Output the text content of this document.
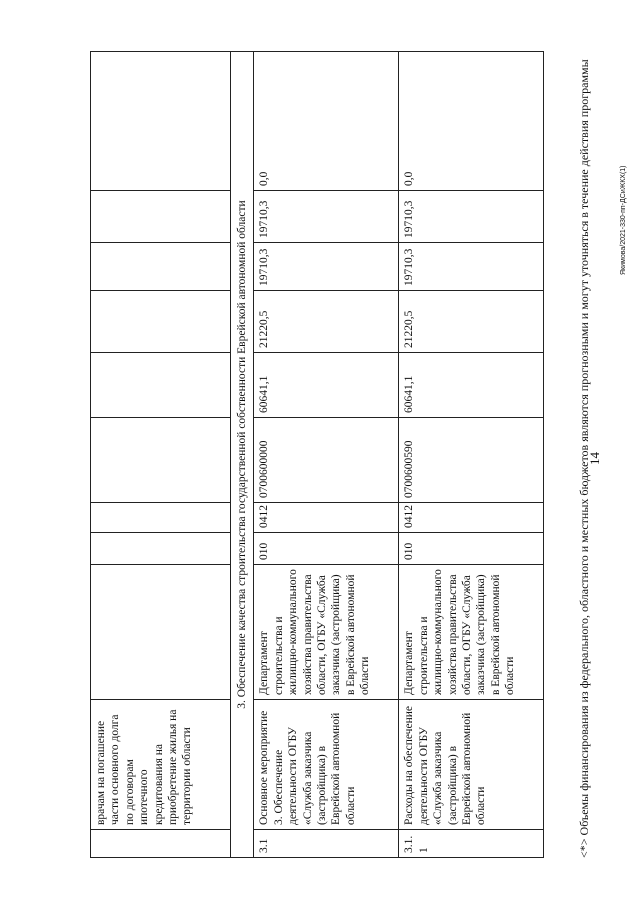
14
	врачам на погашение части основного долга по договорам ипотечного кредитования на приобретение жилья на территории области									
3. Обеспечение качества строительства государственной собственности Еврейской автономной области										
3.1	Основное мероприятие 3. Обеспечение деятельности ОГБУ «Служба заказчика (застройщика) в Еврейской автономной области	Департамент строительства и жилищно-коммунального хозяйства правительства области, ОГБУ «Служба заказчика (застройщика) в Еврейской автономной области	010	0412	0700600000	60641,1	21220,5	19710,3	19710,3	0,0
3.1.1	Расходы на обеспечение деятельности ОГБУ «Служба заказчика (застройщика) в Еврейской автономной области	Департамент строительства и жилищно-коммунального хозяйства правительства области, ОГБУ «Служба заказчика (застройщика) в Еврейской автономной области	010	0412	0700600590	60641,1	21220,5	19710,3	19710,3	0,0	<*> Объемы финансирования из федерального, областного и местных бюджетов являются прогнозными и могут уточняться в течение действия программы	Якимова/2021-330-пп-ДСиЖКХ(1)
